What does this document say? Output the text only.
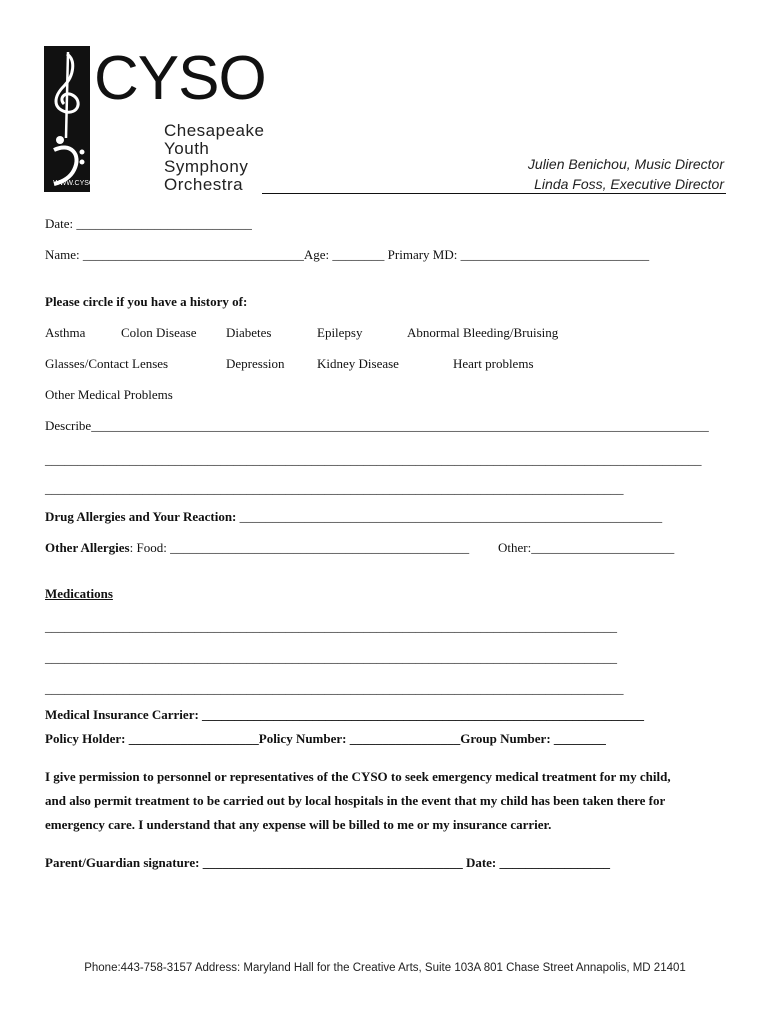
CYSO
Chesapeake
Youth
Symphony
Orchestra
WWW.CYSOMUSIC.ORG
Julien Benichou, Music Director
Linda Foss, Executive Director
Date: ___________________________
Name: __________________________________Age: ________ Primary MD: _____________________________
Please circle if you have a history of:
Asthma	Colon Disease Diabetes	Epilepsy	Abnormal Bleeding/Bruising
Glasses/Contact Lenses	Depression	Kidney Disease	Heart problems
Other Medical Problems
Describe_______________________________________________________________________________________________
_____________________________________________________________________________________________________
_________________________________________________________________________________________
Drug Allergies and Your Reaction: _________________________________________________________________
Other Allergies: Food: ______________________________________________ Other:______________________
Medications
________________________________________________________________________________________
________________________________________________________________________________________
_________________________________________________________________________________________
Medical Insurance Carrier: ____________________________________________________________________
Policy Holder: ____________________Policy Number: _________________Group Number: ________
I give permission to personnel or representatives of the CYSO to seek emergency medical treatment for my child,
and also permit treatment to be carried out by local hospitals in the event that my child has been taken there for
emergency care. I understand that any expense will be billed to me or my insurance carrier.
Parent/Guardian signature: ________________________________________ Date: _________________
Phone:443-758-3157 Address: Maryland Hall for the Creative Arts, Suite 103A 801 Chase Street Annapolis, MD 21401
